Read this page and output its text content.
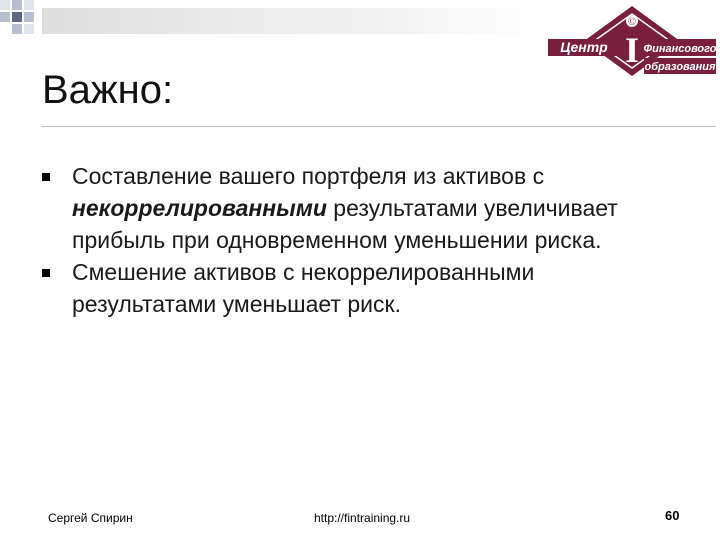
©
I
Центр	Финансового
образования
Важно:
Составление вашего портфеля из активов с некоррелированными результатами увеличивает прибыль при одновременном уменьшении риска.
Смешение активов с некоррелированными результатами уменьшает риск.
Сергей Спирин	http://fintraining.ru	60
